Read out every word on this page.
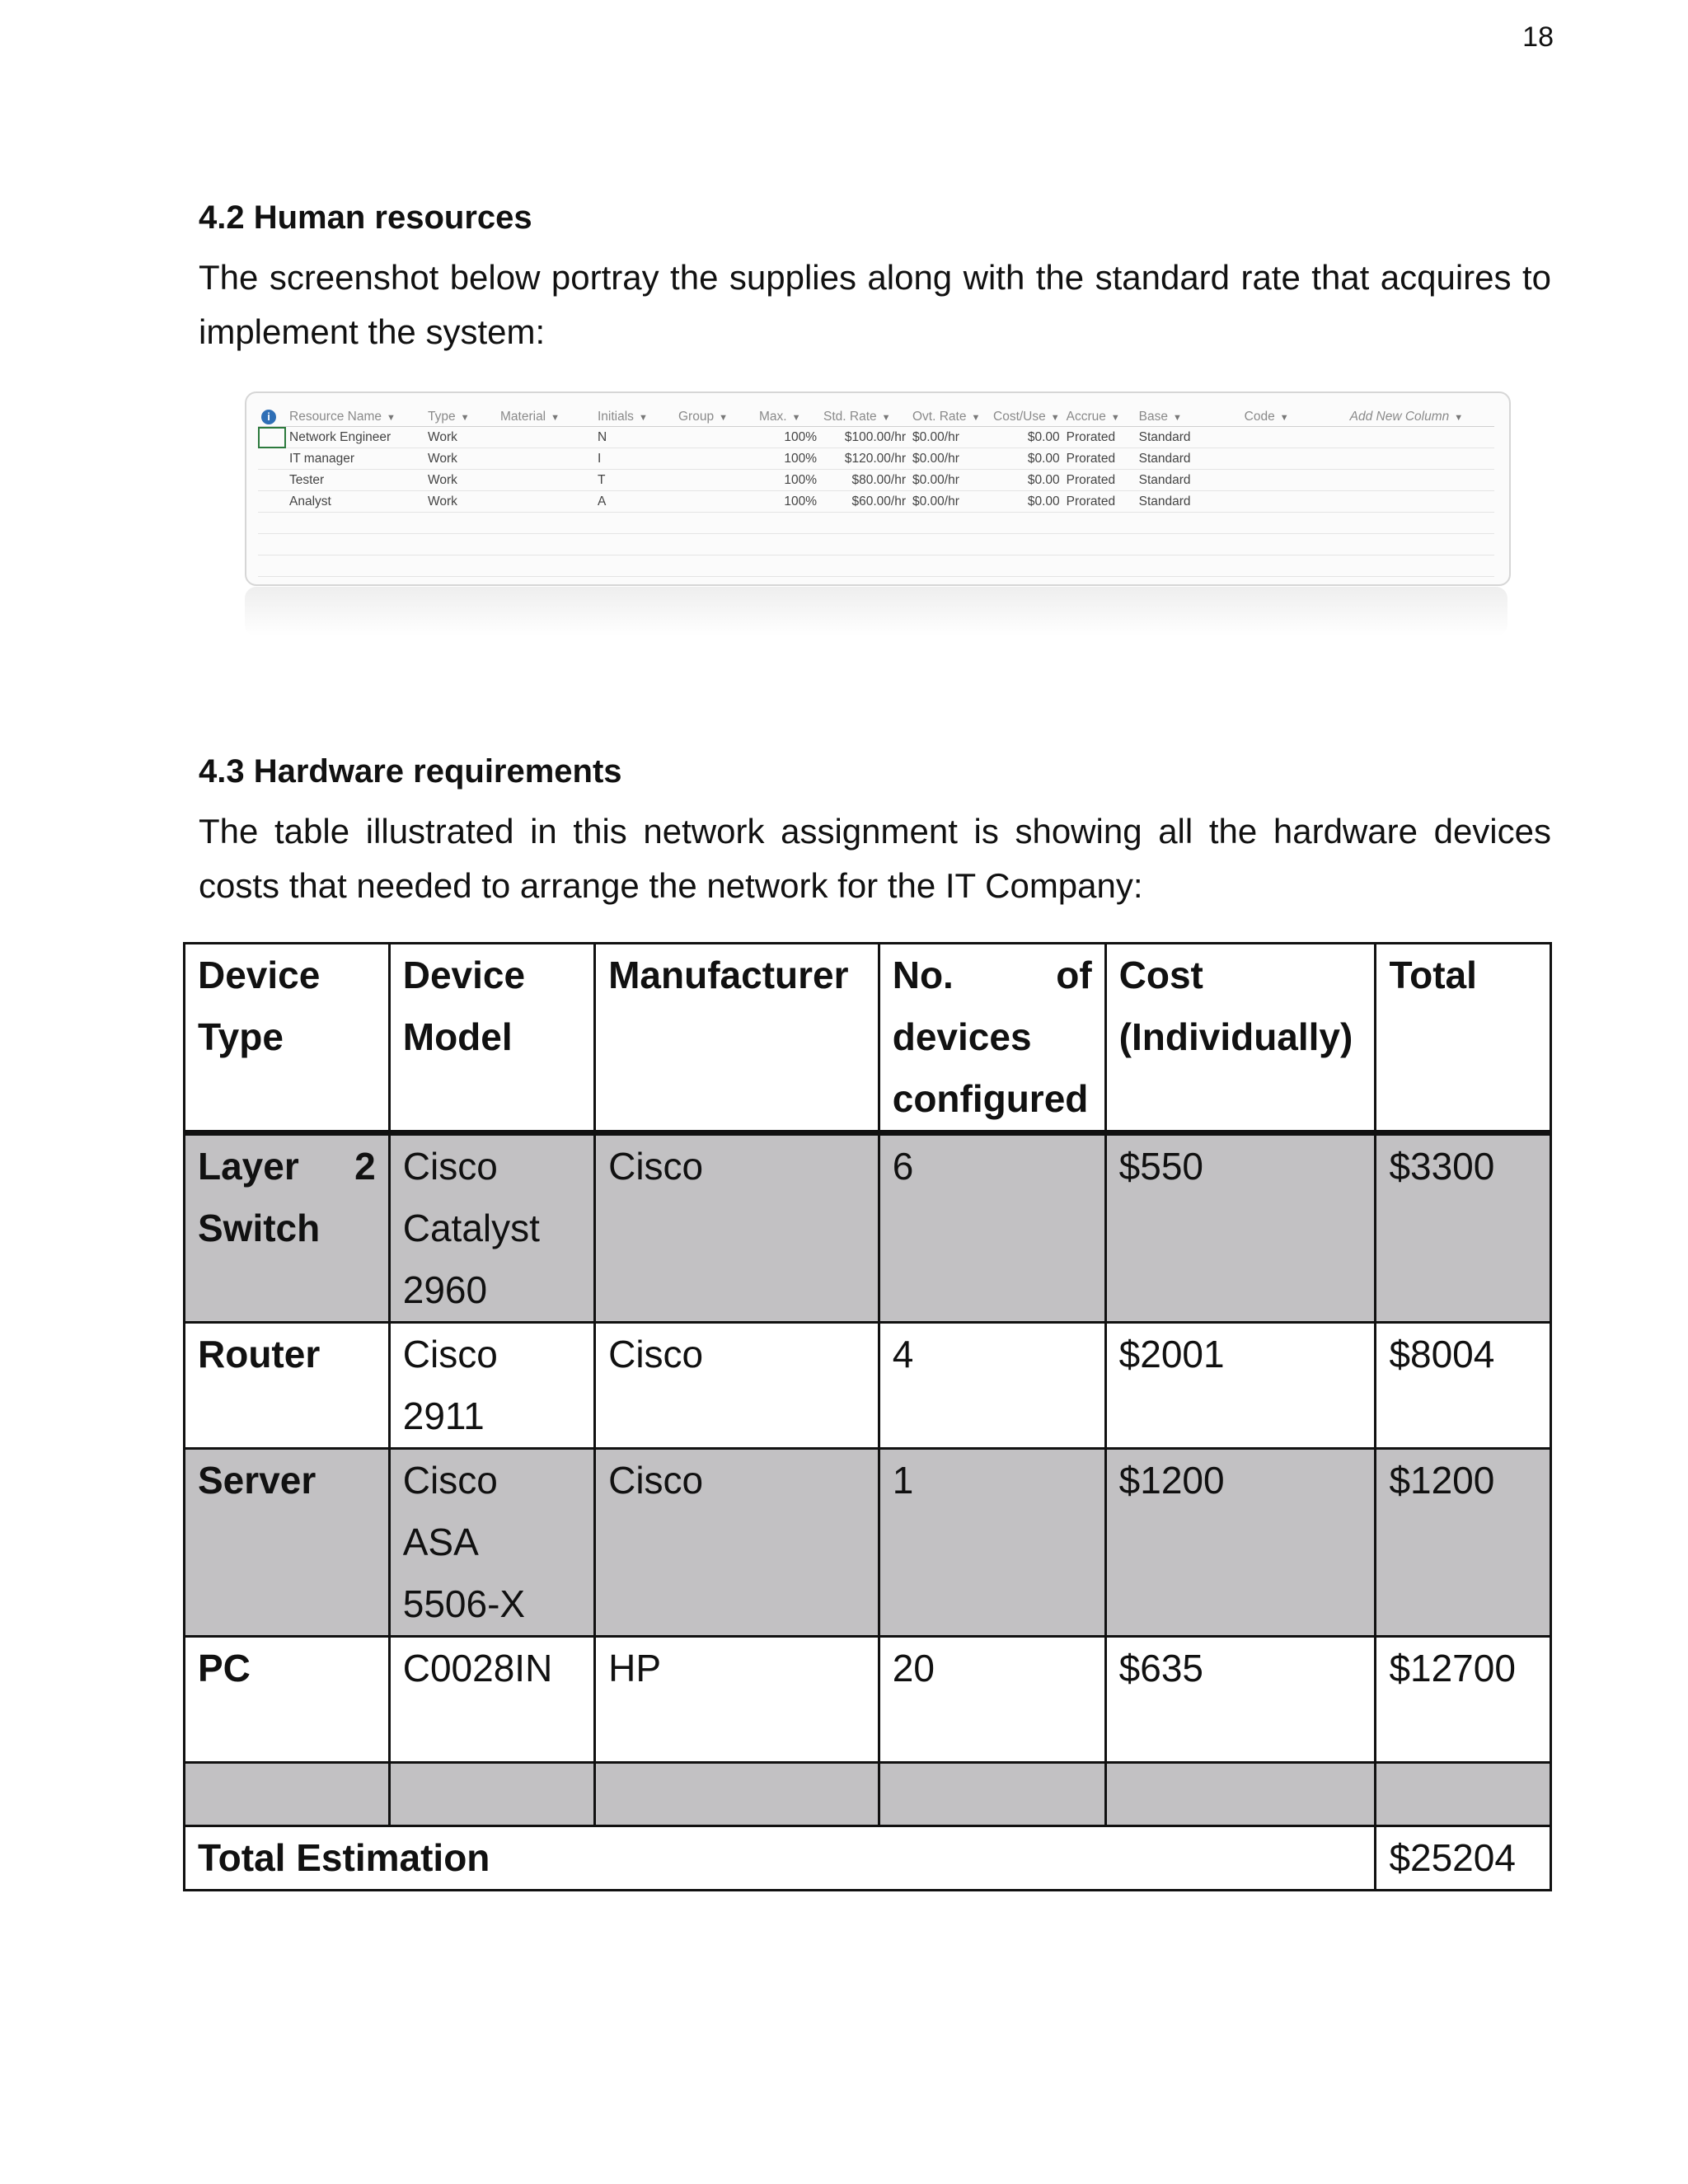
18
4.2 Human resources

The screenshot below portray the supplies along with the standard rate that acquires to implement the system:

i	Resource Name ▼	Type ▼	Material ▼	Initials ▼	Group ▼	Max. ▼	Std. Rate ▼	Ovt. Rate ▼	Cost/Use ▼	Accrue ▼	Base ▼	Code ▼	Add New Column ▼
	Network Engineer	Work		N		100%	$100.00/hr	$0.00/hr	$0.00	Prorated	Standard		
	IT manager	Work		I		100%	$120.00/hr	$0.00/hr	$0.00	Prorated	Standard		
	Tester	Work		T		100%	$80.00/hr	$0.00/hr	$0.00	Prorated	Standard		
	Analyst	Work		A		100%	$60.00/hr	$0.00/hr	$0.00	Prorated	Standard		

4.3 Hardware requirements

The table illustrated in this network assignment is showing all the hardware devices costs that needed to arrange the network for the IT Company:

Device
Type	Device
Model	Manufacturer	No. of
devices
configured	Cost
(Individually)	Total

Layer 2
Switch	Cisco
Catalyst
2960	Cisco	6	$550	$3300
Router	Cisco
2911	Cisco	4	$2001	$8004
Server	Cisco ASA
5506-X	Cisco	1	$1200	$1200
PC	C0028IN	HP	20	$635	$12700

Total Estimation					$25204
